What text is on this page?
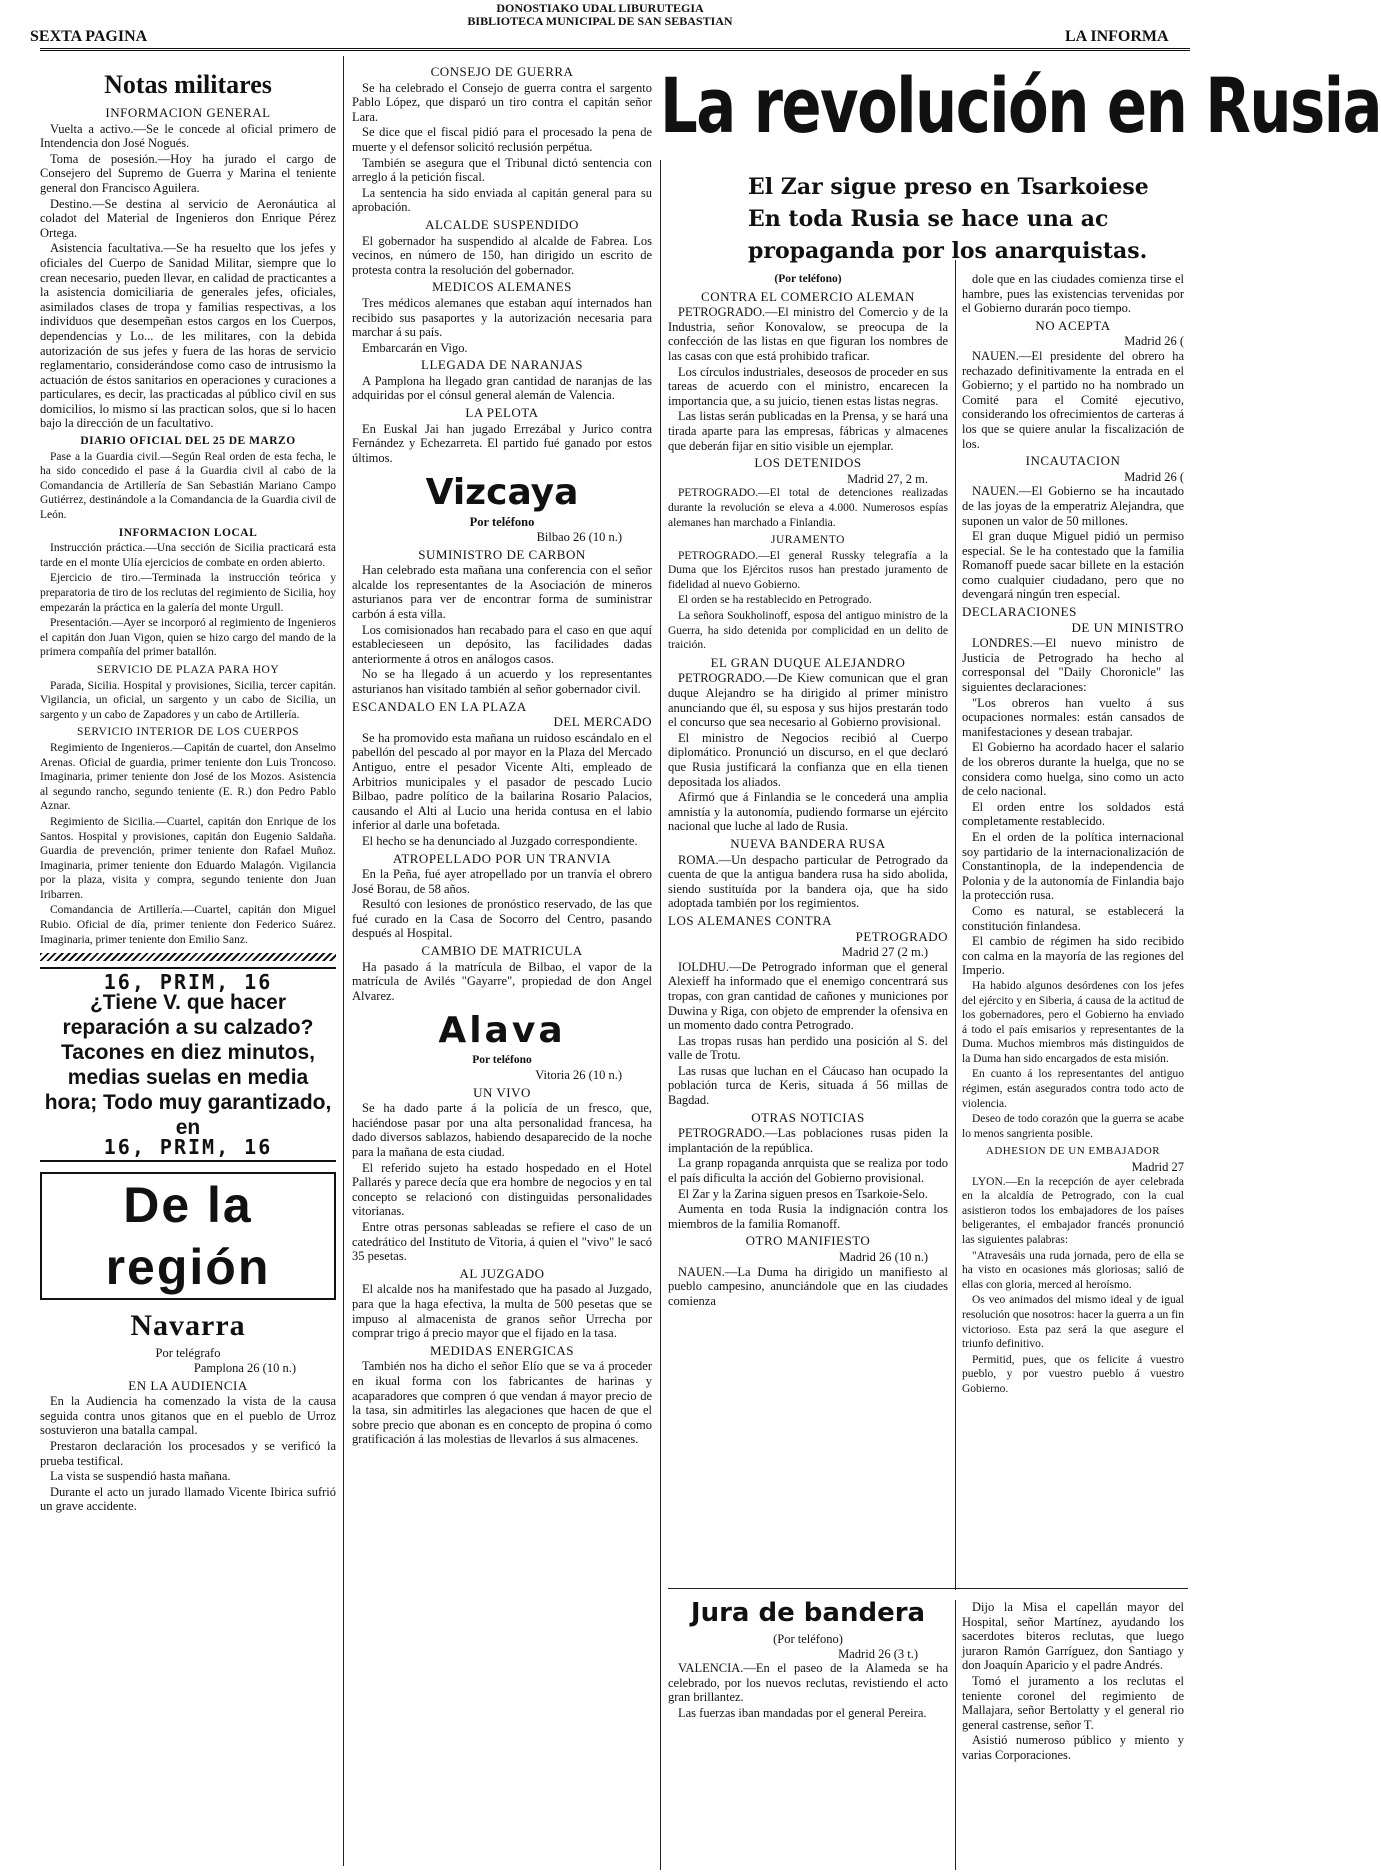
DONOSTIAKO UDAL LIBURUTEGIA
BIBLIOTECA MUNICIPAL DE SAN SEBASTIAN
SEXTA PAGINA	LA INFORMA
Notas militares
INFORMACION GENERAL

Vuelta a activo.—Se le concede al oficial primero de Intendencia don José Nogués.

Toma de posesión.—Hoy ha jurado el cargo de Consejero del Supremo de Guerra y Marina el teniente general don Francisco Aguilera.

Destino.—Se destina al servicio de Aeronáutica al coladot del Material de Ingenieros don Enrique Pérez Ortega.

Asistencia facultativa.—Se ha resuelto que los jefes y oficiales del Cuerpo de Sanidad Militar, siempre que lo crean necesario, pueden llevar, en calidad de practicantes a la asistencia domiciliaria de generales jefes, oficiales, asimilados clases de tropa y familias respectivas, a los individuos que desempeñan estos cargos en los Cuerpos, dependencias y Lo... de les militares, con la debida autorización de sus jefes y fuera de las horas de servicio reglamentario, considerándose como caso de intrusismo la actuación de éstos sanitarios en operaciones y curaciones a particulares, es decir, las practicadas al público civil en sus domicilios, lo mismo si las practican solos, que si lo hacen bajo la dirección de un facultativo.

DIARIO OFICIAL DEL 25 DE MARZO

Pase a la Guardia civil.—Según Real orden de esta fecha, le ha sido concedido el pase á la Guardia civil al cabo de la Comandancia de Artillería de San Sebastián Mariano Campo Gutiérrez, destinándole a la Comandancia de la Guardia civil de León.

INFORMACION LOCAL

Instrucción práctica.—Una sección de Sicilia practicará esta tarde en el monte Ulía ejercicios de combate en orden abierto.

Ejercicio de tiro.—Terminada la instrucción teórica y preparatoria de tiro de los reclutas del regimiento de Sicilia, hoy empezarán la práctica en la galería del monte Urgull.

Presentación.—Ayer se incorporó al regimiento de Ingenieros el capitán don Juan Vigon, quien se hizo cargo del mando de la primera compañía del primer batallón.

SERVICIO DE PLAZA PARA HOY

Parada, Sicilia. Hospital y provisiones, Sicilia, tercer capitán. Vigilancia, un oficial, un sargento y un cabo de Sicilia, un sargento y un cabo de Zapadores y un cabo de Artillería.

SERVICIO INTERIOR DE LOS CUERPOS

Regimiento de Ingenieros.—Capitán de cuartel, don Anselmo Arenas. Oficial de guardia, primer teniente don Luis Troncoso. Imaginaria, primer teniente don José de los Mozos. Asistencia al segundo rancho, segundo teniente (E. R.) don Pedro Pablo Aznar.

Regimiento de Sicilia.—Cuartel, capitán don Enrique de los Santos. Hospital y provisiones, capitán don Eugenio Saldaña. Guardia de prevención, primer teniente don Rafael Muñoz. Imaginaria, primer teniente don Eduardo Malagón. Vigilancia por la plaza, visita y compra, segundo teniente don Juan Iribarren.

Comandancia de Artillería.—Cuartel, capitán don Miguel Rubio. Oficial de día, primer teniente don Federico Suárez. Imaginaria, primer teniente don Emilio Sanz.

16, PRIM, 16
¿Tiene V. que hacer reparación a su calzado? Tacones en diez minutos, medias suelas en media hora; Todo muy garantizado, en
16, PRIM, 16
De la región
Navarra
Por telégrafo
Pamplona 26 (10 n.)
EN LA AUDIENCIA

En la Audiencia ha comenzado la vista de la causa seguida contra unos gitanos que en el pueblo de Urroz sostuvieron una batalla campal.

Prestaron declaración los procesados y se verificó la prueba testifical.

La vista se suspendió hasta mañana.

Durante el acto un jurado llamado Vicente Ibirica sufrió un grave accidente.

CONSEJO DE GUERRA

Se ha celebrado el Consejo de guerra contra el sargento Pablo López, que disparó un tiro contra el capitán señor Lara.

Se dice que el fiscal pidió para el procesado la pena de muerte y el defensor solicitó reclusión perpétua.

También se asegura que el Tribunal dictó sentencia con arreglo á la petición fiscal.

La sentencia ha sido enviada al capitán general para su aprobación.

ALCALDE SUSPENDIDO

El gobernador ha suspendido al alcalde de Fabrea. Los vecinos, en número de 150, han dirigido un escrito de protesta contra la resolución del gobernador.

MEDICOS ALEMANES

Tres médicos alemanes que estaban aquí internados han recibido sus pasaportes y la autorización necesaria para marchar á su país.

Embarcarán en Vigo.

LLEGADA DE NARANJAS

A Pamplona ha llegado gran cantidad de naranjas de las adquiridas por el cónsul general alemán de Valencia.

LA PELOTA

En Euskal Jai han jugado Errezábal y Jurico contra Fernández y Echezarreta. El partido fué ganado por estos últimos.

Vizcaya
Por teléfono
Bilbao 26 (10 n.)
SUMINISTRO DE CARBON

Han celebrado esta mañana una conferencia con el señor alcalde los representantes de la Asociación de mineros asturianos para ver de encontrar forma de suministrar carbón á esta villa.

Los comisionados han recabado para el caso en que aquí establecieseen un depósito, las facilidades dadas anteriormente á otros en análogos casos.

No se ha llegado á un acuerdo y los representantes asturianos han visitado también al señor gobernador civil.

ESCANDALO EN LA PLAZA
DEL MERCADO

Se ha promovido esta mañana un ruidoso escándalo en el pabellón del pescado al por mayor en la Plaza del Mercado Antiguo, entre el pesador Vicente Alti, empleado de Arbitrios municipales y el pasador de pescado Lucio Bilbao, padre político de la bailarina Rosario Palacios, causando el Alti al Lucio una herida contusa en el labio inferior al darle una bofetada.

El hecho se ha denunciado al Juzgado correspondiente.

ATROPELLADO POR UN TRANVIA

En la Peña, fué ayer atropellado por un tranvía el obrero José Borau, de 58 años.

Resultó con lesiones de pronóstico reservado, de las que fué curado en la Casa de Socorro del Centro, pasando después al Hospital.

CAMBIO DE MATRICULA

Ha pasado á la matrícula de Bilbao, el vapor de la matrícula de Avilés "Gayarre", propiedad de don Angel Alvarez.

Alava
Por teléfono
Vitoria 26 (10 n.)
UN VIVO

Se ha dado parte á la policía de un fresco, que, haciéndose pasar por una alta personalidad francesa, ha dado diversos sablazos, habiendo desaparecido de la noche para la mañana de esta ciudad.

El referido sujeto ha estado hospedado en el Hotel Pallarés y parece decía que era hombre de negocios y en tal concepto se relacionó con distinguidas personalidades vitorianas.

Entre otras personas sableadas se refiere el caso de un catedrático del Instituto de Vitoria, á quien el "vivo" le sacó 35 pesetas.

AL JUZGADO

El alcalde nos ha manifestado que ha pasado al Juzgado, para que la haga efectiva, la multa de 500 pesetas que se impuso al almacenista de granos señor Urrecha por comprar trigo á precio mayor que el fijado en la tasa.

MEDIDAS ENERGICAS

También nos ha dicho el señor Elío que se va á proceder en ikual forma con los fabricantes de harinas y acaparadores que compren ó que vendan á mayor precio de la tasa, sin admitirles las alegaciones que hacen de que el sobre precio que abonan es en concepto de propina ó como gratificación á las molestias de llevarlos á sus almacenes.

La revolución en Rusia
El Zar sigue preso en Tsarkoiese
En toda Rusia se hace una ac
propaganda por los anarquistas.
(Por teléfono)
CONTRA EL COMERCIO ALEMAN

PETROGRADO.—El ministro del Comercio y de la Industria, señor Konovalow, se preocupa de la confección de las listas en que figuran los nombres de las casas con que está prohibido traficar.

Los círculos industriales, deseosos de proceder en sus tareas de acuerdo con el ministro, encarecen la importancia que, a su juicio, tienen estas listas negras.

Las listas serán publicadas en la Prensa, y se hará una tirada aparte para las empresas, fábricas y almacenes que deberán fijar en sitio visible un ejemplar.

LOS DETENIDOS
Madrid 27, 2 m.

PETROGRADO.—El total de detenciones realizadas durante la revolución se eleva a 4.000. Numerosos espías alemanes han marchado a Finlandia.

JURAMENTO

PETROGRADO.—El general Russky telegrafía a la Duma que los Ejércitos rusos han prestado juramento de fidelidad al nuevo Gobierno.

El orden se ha restablecido en Petrogrado.

La señora Soukholinoff, esposa del antiguo ministro de la Guerra, ha sido detenida por complicidad en un delito de traición.

EL GRAN DUQUE ALEJANDRO

PETROGRADO.—De Kiew comunican que el gran duque Alejandro se ha dirigido al primer ministro anunciando que él, su esposa y sus hijos prestarán todo el concurso que sea necesario al Gobierno provisional.

El ministro de Negocios recibió al Cuerpo diplomático. Pronunció un discurso, en el que declaró que Rusia justificará la confianza que en ella tienen depositada los aliados.

Afirmó que á Finlandia se le concederá una amplia amnistía y la autonomía, pudiendo formarse un ejército nacional que luche al lado de Rusia.

NUEVA BANDERA RUSA

ROMA.—Un despacho particular de Petrogrado da cuenta de que la antigua bandera rusa ha sido abolida, siendo sustituída por la bandera oja, que ha sido adoptada también por los regimientos.

LOS ALEMANES CONTRA
PETROGRADO
Madrid 27 (2 m.)

IOLDHU.—De Petrogrado informan que el general Alexieff ha informado que el enemigo concentrará sus tropas, con gran cantidad de cañones y municiones por Duwina y Riga, con objeto de emprender la ofensiva en un momento dado contra Petrogrado.

Las tropas rusas han perdido una posición al S. del valle de Trotu.

Las rusas que luchan en el Cáucaso han ocupado la población turca de Keris, situada á 56 millas de Bagdad.

OTRAS NOTICIAS

PETROGRADO.—Las poblaciones rusas piden la implantación de la república.

La granp ropaganda anrquista que se realiza por todo el país dificulta la acción del Gobierno provisional.

El Zar y la Zarina siguen presos en Tsarkoie-Selo.

Aumenta en toda Rusia la indignación contra los miembros de la familia Romanoff.

OTRO MANIFIESTO
Madrid 26 (10 n.)

NAUEN.—La Duma ha dirigido un manifiesto al pueblo campesino, anunciándole que en las ciudades comienza

dole que en las ciudades comienza tirse el hambre, pues las existencias tervenidas por el Gobierno durarán poco tiempo.

NO ACEPTA
Madrid 26 (

NAUEN.—El presidente del obrero ha rechazado definitivamente la entrada en el Gobierno; y el partido no ha nombrado un Comité para el Comité ejecutivo, considerando los ofrecimientos de carteras á los que se quiere anular la fiscalización de los.

INCAUTACION
Madrid 26 (

NAUEN.—El Gobierno se ha incautado de las joyas de la emperatriz Alejandra, que suponen un valor de 50 millones.

El gran duque Miguel pidió un permiso especial. Se le ha contestado que la familia Romanoff puede sacar billete en la estación como cualquier ciudadano, pero que no devengará ningún tren especial.

DECLARACIONES
DE UN MINISTRO

LONDRES.—El nuevo ministro de Justicia de Petrogrado ha hecho al corresponsal del "Daily Choronicle" las siguientes declaraciones:

"Los obreros han vuelto á sus ocupaciones normales: están cansados de manifestaciones y desean trabajar.

El Gobierno ha acordado hacer el salario de los obreros durante la huelga, que no se considera como huelga, sino como un acto de celo nacional.

El orden entre los soldados está completamente restablecido.

En el orden de la política internacional soy partidario de la internacionalización de Constantinopla, de la independencia de Polonia y de la autonomía de Finlandia bajo la protección rusa.

Como es natural, se establecerá la constitución finlandesa.

El cambio de régimen ha sido recibido con calma en la mayoría de las regiones del Imperio.

Ha habido algunos desórdenes con los jefes del ejército y en Siberia, á causa de la actitud de los gobernadores, pero el Gobierno ha enviado á todo el país emisarios y representantes de la Duma. Muchos miembros más distinguidos de la Duma han sido encargados de esta misión.

En cuanto á los representantes del antiguo régimen, están asegurados contra todo acto de violencia.

Deseo de todo corazón que la guerra se acabe lo menos sangrienta posible.

ADHESION DE UN EMBAJADOR
Madrid 27

LYON.—En la recepción de ayer celebrada en la alcaldía de Petrogrado, con la cual asistieron todos los embajadores de los países beligerantes, el embajador francés pronunció las siguientes palabras:

"Atravesáis una ruda jornada, pero de ella se ha visto en ocasiones más gloriosas; salió de ellas con gloria, merced al heroísmo.

Os veo animados del mismo ideal y de igual resolución que nosotros: hacer la guerra a un fin victorioso. Esta paz será la que asegure el triunfo definitivo.

Permitid, pues, que os felicite á vuestro pueblo, y por vuestro pueblo á vuestro Gobierno.

Jura de bandera
(Por teléfono)
Madrid 26 (3 t.)

VALENCIA.—En el paseo de la Alameda se ha celebrado, por los nuevos reclutas, revistiendo el acto gran brillantez.

Las fuerzas iban mandadas por el general Pereira.

Dijo la Misa el capellán mayor del Hospital, señor Martínez, ayudando los sacerdotes biteros reclutas, que luego juraron Ramón Garríguez, don Santiago y don Joaquín Aparicio y el padre Andrés.

Tomó el juramento a los reclutas el teniente coronel del regimiento de Mallajara, señor Bertolatty y el general rio general castrense, señor T.

Asistió numeroso público y miento y varias Corporaciones.
